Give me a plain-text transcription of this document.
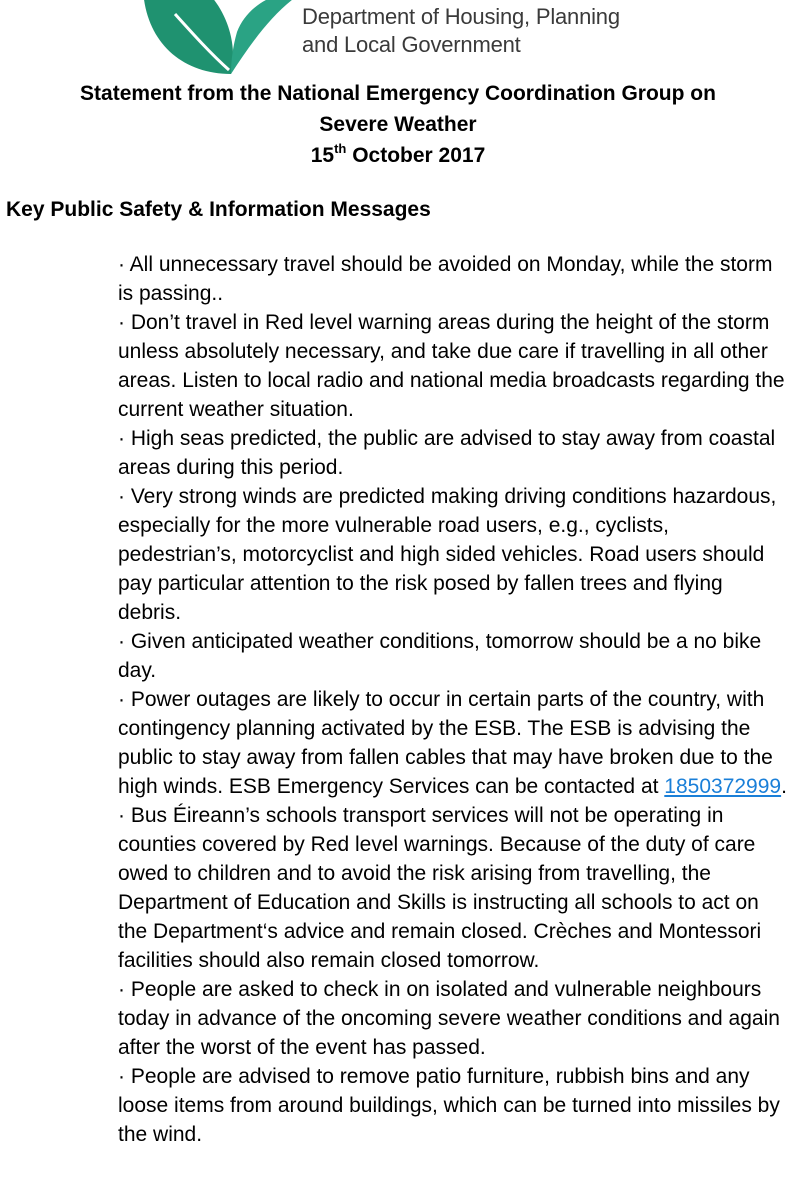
Department of Housing, Planning
and Local Government
Statement from the National Emergency Coordination Group on
Severe Weather
15th October 2017
Key Public Safety & Information Messages

· All unnecessary travel should be avoided on Monday, while the storm is passing..

· Don’t travel in Red level warning areas during the height of the storm unless absolutely necessary, and take due care if travelling in all other areas. Listen to local radio and national media broadcasts regarding the current weather situation.

· High seas predicted, the public are advised to stay away from coastal areas during this period.

· Very strong winds are predicted making driving conditions hazardous, especially for the more vulnerable road users, e.g., cyclists, pedestrian’s, motorcyclist and high sided vehicles. Road users should pay particular attention to the risk posed by fallen trees and flying debris.

· Given anticipated weather conditions, tomorrow should be a no bike day.

· Power outages are likely to occur in certain parts of the country, with contingency planning activated by the ESB. The ESB is advising the public to stay away from fallen cables that may have broken due to the high winds. ESB Emergency Services can be contacted at 1850372999.

· Bus Éireann’s schools transport services will not be operating in counties covered by Red level warnings. Because of the duty of care owed to children and to avoid the risk arising from travelling, the Department of Education and Skills is instructing all schools to act on the Department‘s advice and remain closed. Crèches and Montessori facilities should also remain closed tomorrow.

· People are asked to check in on isolated and vulnerable neighbours today in advance of the oncoming severe weather conditions and again after the worst of the event has passed.

· People are advised to remove patio furniture, rubbish bins and any loose items from around buildings, which can be turned into missiles by the wind.
